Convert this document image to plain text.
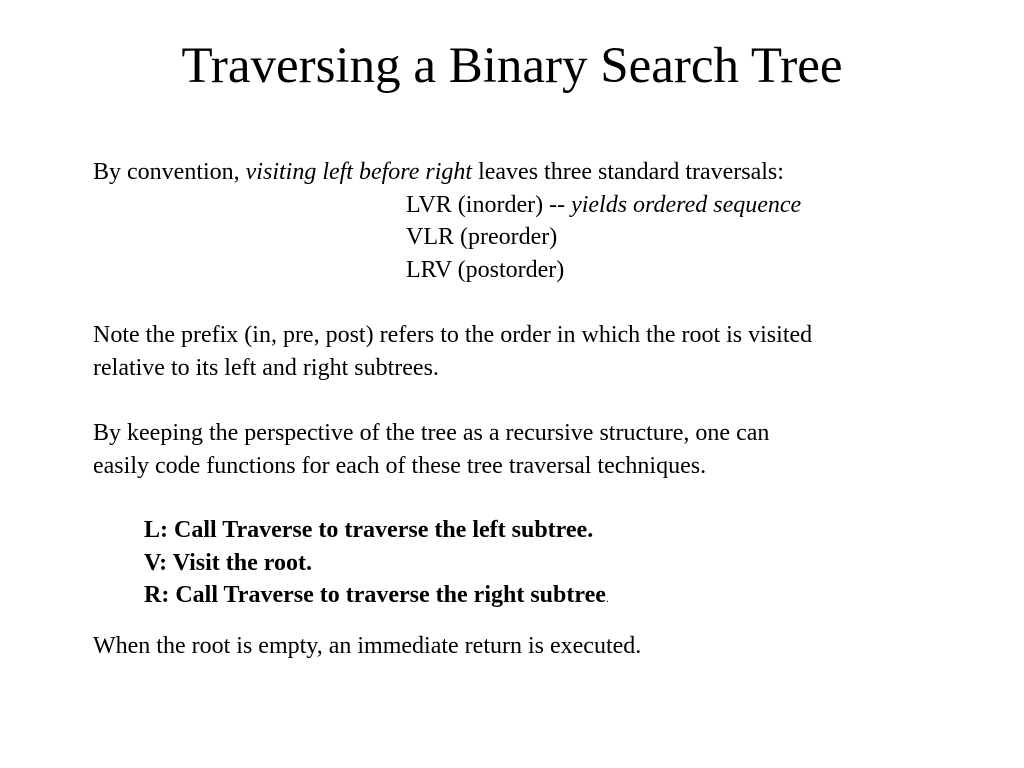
Traversing a Binary Search Tree
By convention, visiting left before right leaves three standard traversals:
LVR (inorder) -- yields ordered sequence
VLR (preorder)
LRV (postorder)
Note the prefix (in, pre, post) refers to the order in which the root is visited
relative to its left and right subtrees.
By keeping the perspective of the tree as a recursive structure, one can
easily code functions for each of these tree traversal techniques.
L: Call Traverse to traverse the left subtree.
V: Visit the root.
R: Call Traverse to traverse the right subtree.
When the root is empty, an immediate return is executed.
